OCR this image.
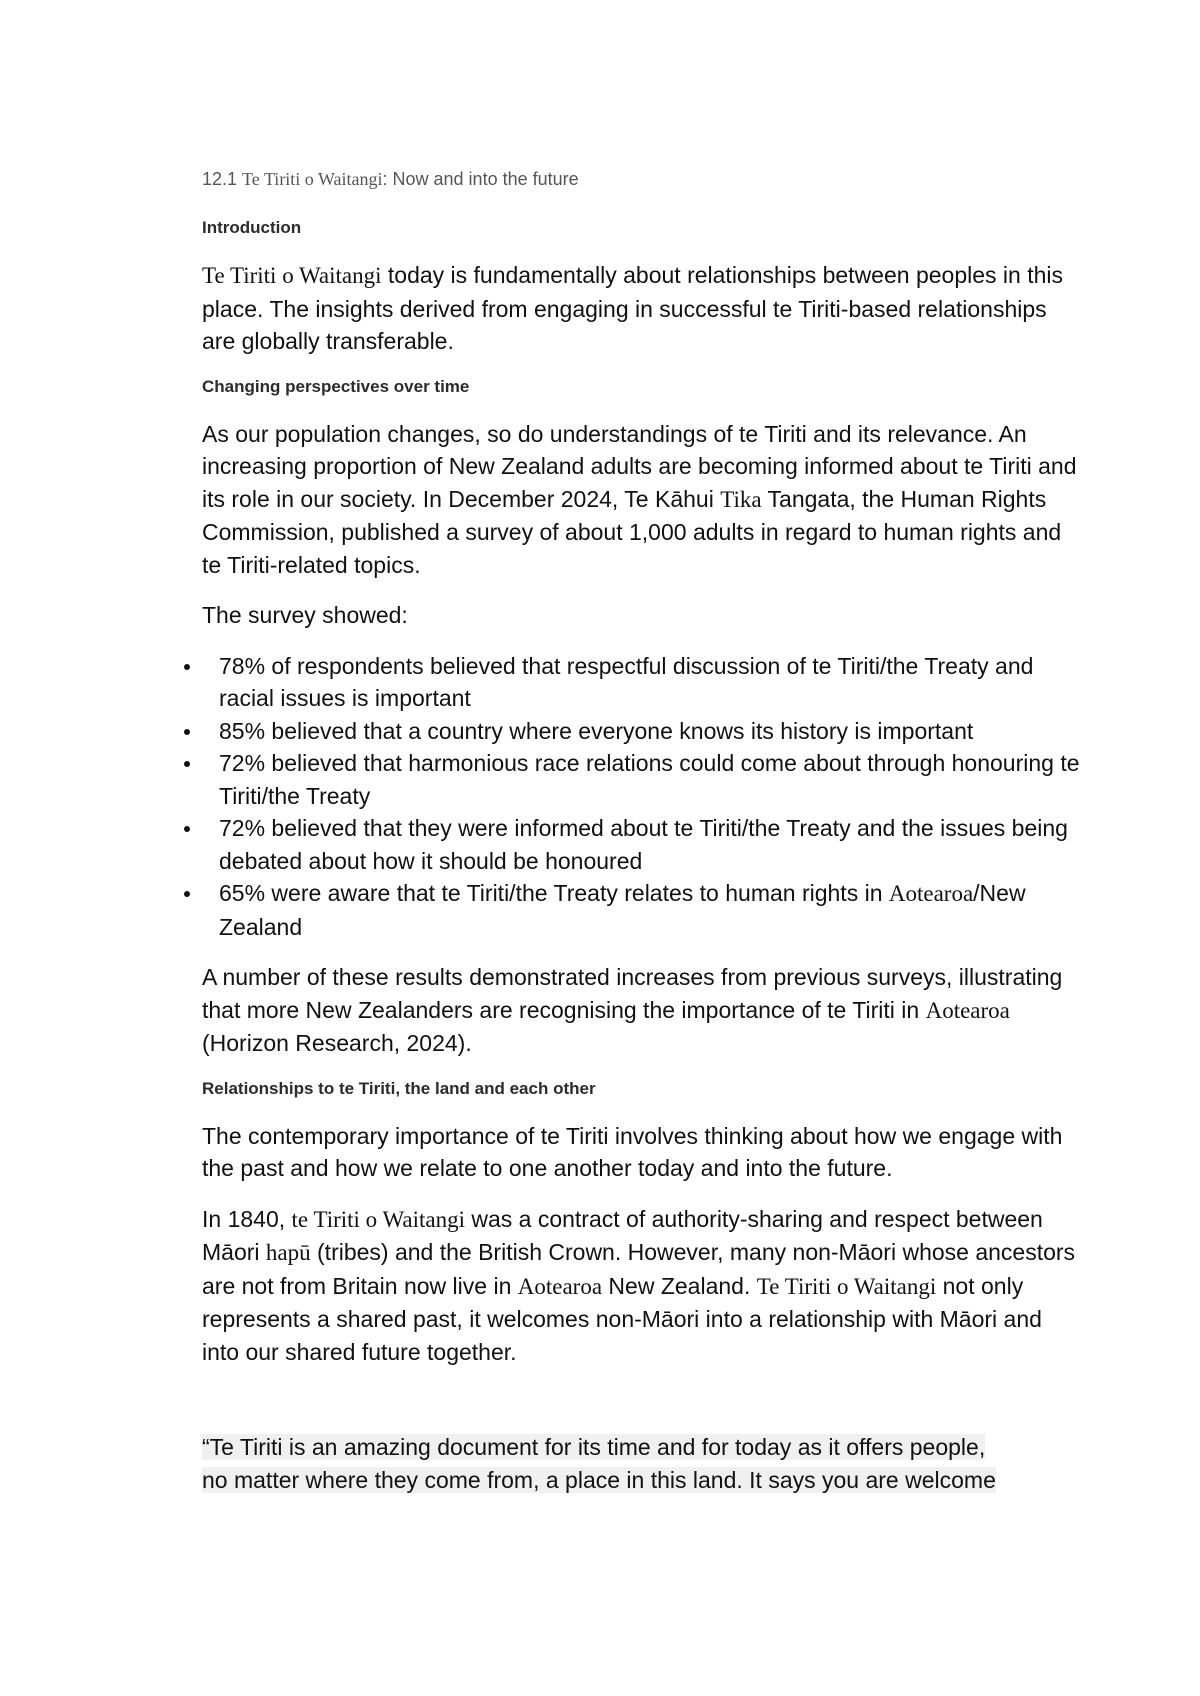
12.1 Te Tiriti o Waitangi: Now and into the future
Introduction

Te Tiriti o Waitangi today is fundamentally about relationships between peoples in this place. The insights derived from engaging in successful te Tiriti-based relationships are globally transferable.

Changing perspectives over time

As our population changes, so do understandings of te Tiriti and its relevance. An increasing proportion of New Zealand adults are becoming informed about te Tiriti and its role in our society. In December 2024, Te Kāhui Tika Tangata, the Human Rights Commission, published a survey of about 1,000 adults in regard to human rights and te Tiriti-related topics.

The survey showed:

78% of respondents believed that respectful discussion of te Tiriti/the Treaty and racial issues is important
85% believed that a country where everyone knows its history is important
72% believed that harmonious race relations could come about through honouring te Tiriti/the Treaty
72% believed that they were informed about te Tiriti/the Treaty and the issues being debated about how it should be honoured
65% were aware that te Tiriti/the Treaty relates to human rights in Aotearoa/New Zealand

A number of these results demonstrated increases from previous surveys, illustrating that more New Zealanders are recognising the importance of te Tiriti in Aotearoa (Horizon Research, 2024).

Relationships to te Tiriti, the land and each other

The contemporary importance of te Tiriti involves thinking about how we engage with the past and how we relate to one another today and into the future.

In 1840, te Tiriti o Waitangi was a contract of authority-sharing and respect between Māori hapū (tribes) and the British Crown. However, many non-Māori whose ancestors are not from Britain now live in Aotearoa New Zealand. Te Tiriti o Waitangi not only represents a shared past, it welcomes non-Māori into a relationship with Māori and into our shared future together.

“Te Tiriti is an amazing document for its time and for today as it offers people,
no matter where they come from, a place in this land. It says you are welcome
